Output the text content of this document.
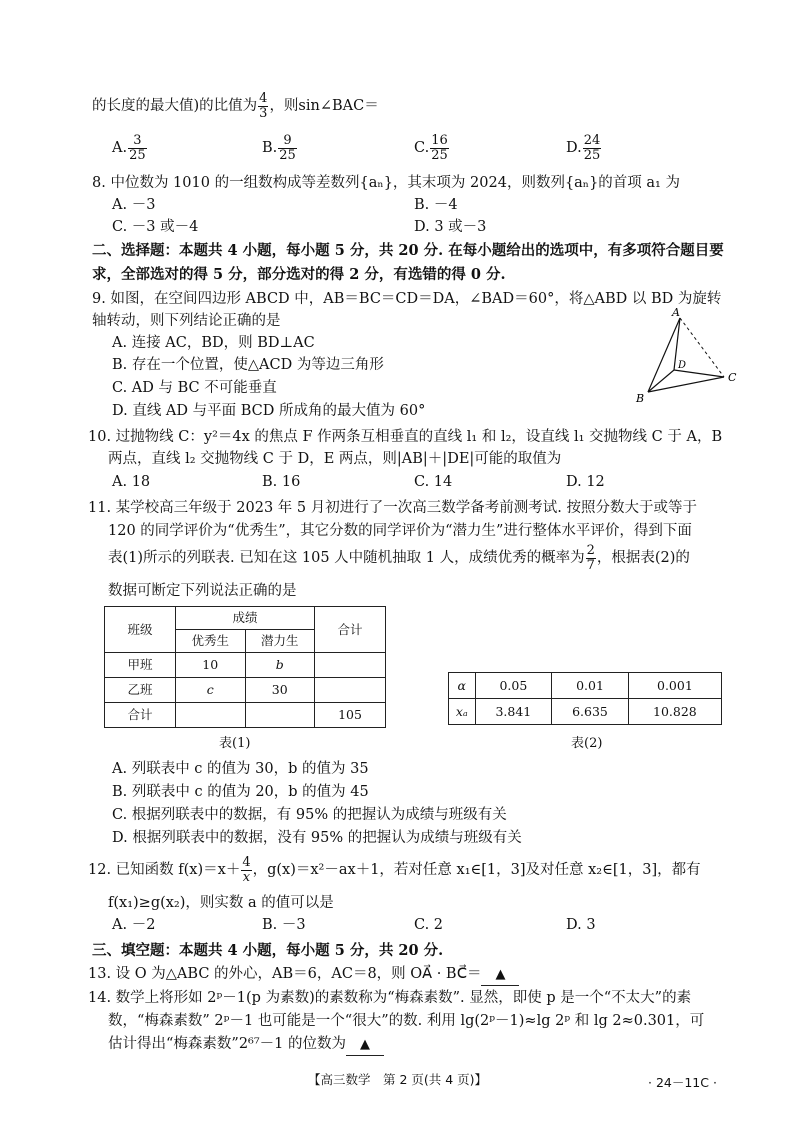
的长度的最大值)的比值为 $\frac{4}{3}$ ，则sin∠BAC＝
A. $\frac{3}{25}$	B. $\frac{9}{25}$	C. $\frac{16}{25}$	D. $\frac{24}{25}$
8. 中位数为 1010 的一组数构成等差数列{aₙ}，其末项为 2024，则数列{aₙ}的首项 a₁ 为
A. －3	B. －4
C. －3 或－4	D. 3 或－3
二、选择题：本题共 4 小题，每小题 5 分，共 20 分. 在每小题给出的选项中，有多项符合题目要
求，全部选对的得 5 分，部分选对的得 2 分，有选错的得 0 分.
9. 如图，在空间四边形 ABCD 中，AB＝BC＝CD＝DA，∠BAD＝60°，将△ABD 以 BD 为旋转
轴转动，则下列结论正确的是
A. 连接 AC，BD，则 BD⊥AC
B. 存在一个位置，使△ACD 为等边三角形
C. AD 与 BC 不可能垂直
D. 直线 AD 与平面 BCD 所成角的最大值为 60°
A
B
C
D
10. 过抛物线 C：y²＝4x 的焦点 F 作两条互相垂直的直线 l₁ 和 l₂，设直线 l₁ 交抛物线 C 于 A，B
两点，直线 l₂ 交抛物线 C 于 D，E 两点，则|AB|＋|DE|可能的取值为
A. 18	B. 16	C. 14	D. 12
11. 某学校高三年级于 2023 年 5 月初进行了一次高三数学备考前测考试. 按照分数大于或等于
120 的同学评价为“优秀生”，其它分数的同学评价为“潜力生”进行整体水平评价，得到下面
表(1)所示的列联表. 已知在这 105 人中随机抽取 1 人，成绩优秀的概率为 $\frac{2}{7}$ ，根据表(2)的
数据可断定下列说法正确的是
班级	成绩		合计
	优秀生	潜力生	
甲班	10	b	
乙班	c	30	
合计			105
表(1)
α	0.05	0.01	0.001
xₐ	3.841	6.635	10.828
表(2)
A. 列联表中 c 的值为 30，b 的值为 35
B. 列联表中 c 的值为 20，b 的值为 45
C. 根据列联表中的数据，有 95% 的把握认为成绩与班级有关
D. 根据列联表中的数据，没有 95% 的把握认为成绩与班级有关
12. 已知函数 $f(x)=x+ \frac{4}{x}$ ，g(x)＝x²－ax＋1，若对任意 x₁∈[1，3]及对任意 x₂∈[1，3]，都有
f(x₁)≥g(x₂)，则实数 a 的值可以是
A. －2	B. －3	C. 2	D. 3
三、填空题：本题共 4 小题，每小题 5 分，共 20 分.
13. 设 O 为△ABC 的外心，AB＝6，AC＝8，则 OA⃗ · BC⃗＝ ▲
14. 数学上将形如 2ᵖ－1(p 为素数)的素数称为“梅森素数”. 显然，即使 p 是一个“不太大”的素
数，“梅森素数” 2ᵖ－1 也可能是一个“很大”的数. 利用 lg(2ᵖ－1)≈lg 2ᵖ 和 lg 2≈0.301，可
估计得出“梅森素数”2⁶⁷－1 的位数为 ▲
【高三数学　第 2 页(共 4 页)】	· 24－11C ·
